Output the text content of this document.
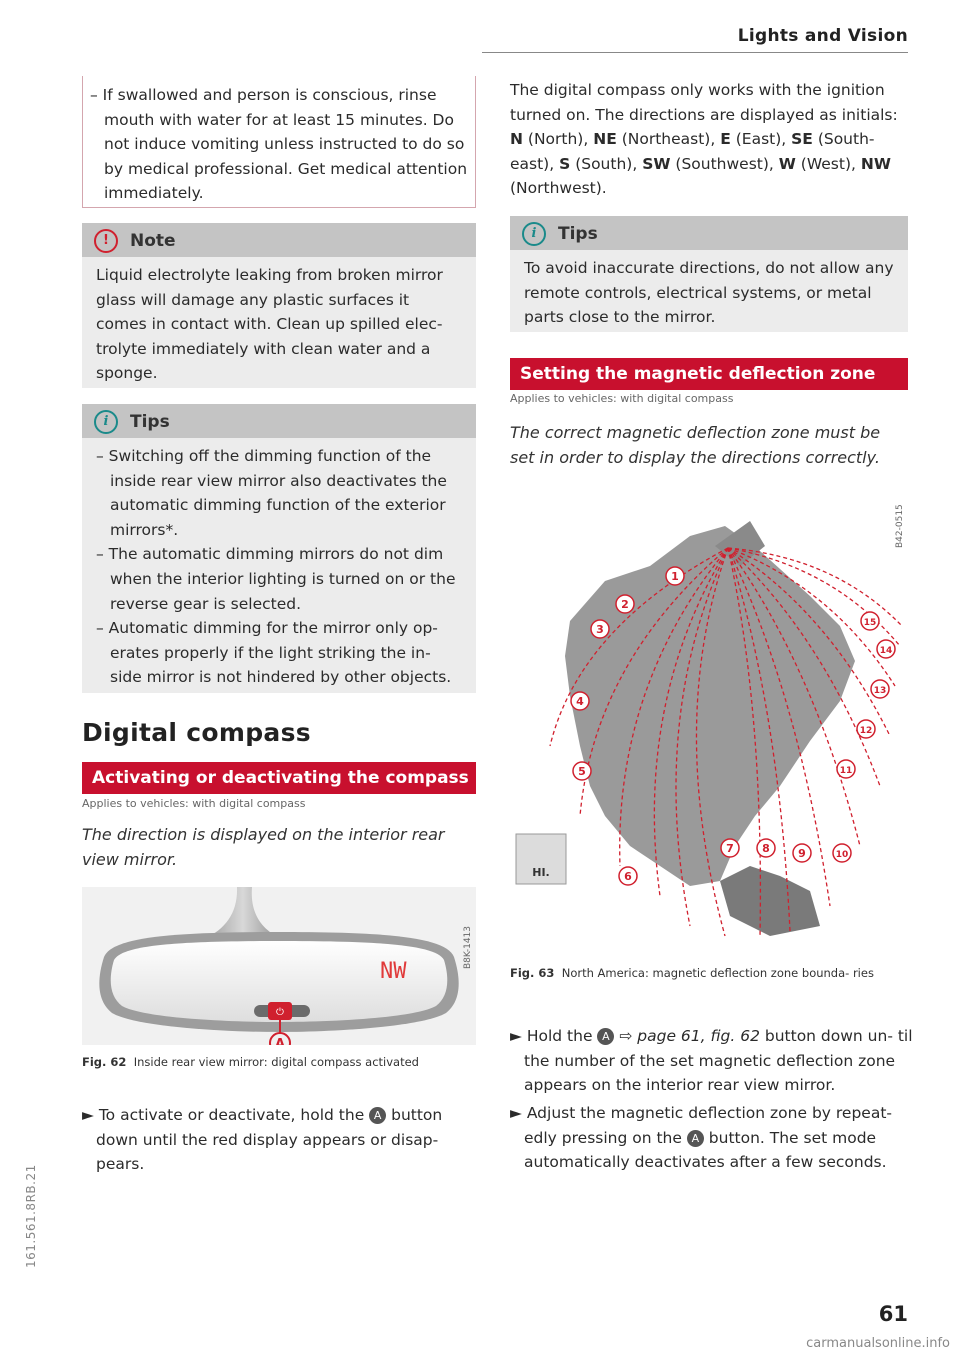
Lights and Vision
– If swallowed and person is conscious, rinse mouth with water for at least 15 minutes. Do not induce vomiting unless instructed to do so by medical professional. Get medical attention immediately.
! Note
Liquid electrolyte leaking from broken mirror glass will damage any plastic surfaces it comes in contact with. Clean up spilled elec- trolyte immediately with clean water and a sponge.
i Tips
– Switching off the dimming function of the inside rear view mirror also deactivates the automatic dimming function of the exterior mirrors*.
– The automatic dimming mirrors do not dim when the interior lighting is turned on or the reverse gear is selected.
– Automatic dimming for the mirror only op- erates properly if the light striking the in- side mirror is not hindered by other objects.
Digital compass
Activating or deactivating the compass
Applies to vehicles: with digital compass
The direction is displayed on the interior rear view mirror.
NW
⏻
A
B8K-1413
Fig. 62 Inside rear view mirror: digital compass activated
► To activate or deactivate, hold the A button down until the red display appears or disap- pears.
The digital compass only works with the ignition turned on. The directions are displayed as initials: N (North), NE (Northeast), E (East), SE (South- east), S (South), SW (Southwest), W (West), NW (Northwest).
i Tips
To avoid inaccurate directions, do not allow any remote controls, electrical systems, or metal parts close to the mirror.
Setting the magnetic deflection zone
Applies to vehicles: with digital compass
The correct magnetic deflection zone must be set in order to display the directions correctly.
1
2
3
4
5
6
7	8	9	10
11
12
13
14
15
HI.
B42-0515
Fig. 63 North America: magnetic deflection zone bounda- ries
► Hold the A ⇨ page 61, fig. 62 button down un- til the number of the set magnetic deflection zone appears on the interior rear view mirror.
► Adjust the magnetic deflection zone by repeat- edly pressing on the A button. The set mode automatically deactivates after a few seconds.
61
161.561.8RB.21
carmanualsonline.info
